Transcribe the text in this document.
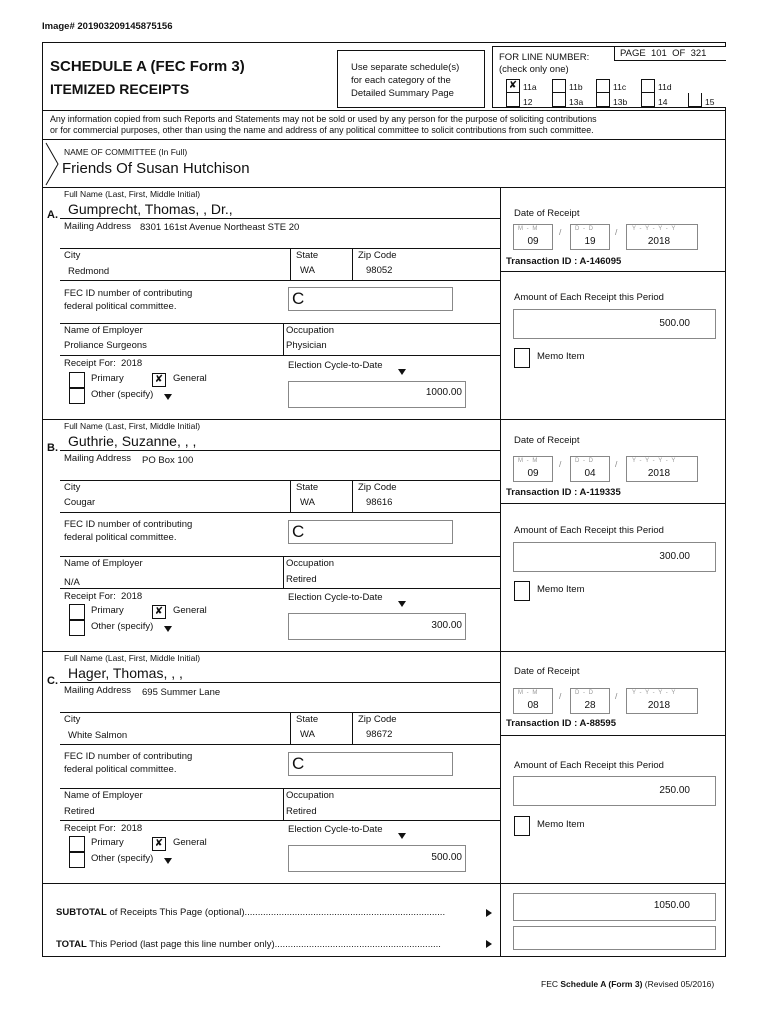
Image# 201903209145875156
SCHEDULE A (FEC Form 3)
ITEMIZED RECEIPTS
Use separate schedule(s)
for each category of the
Detailed Summary Page
FOR LINE NUMBER:
(check only one)
PAGE 101 OF 321
✘ 11a	11b	11c	11d
12	13a	13b	14	15
Any information copied from such Reports and Statements may not be sold or used by any person for the purpose of soliciting contributions
or for commercial purposes, other than using the name and address of any political committee to solicit contributions from such committee.
NAME OF COMMITTEE (In Full)
Friends Of Susan Hutchison
Full Name (Last, First, Middle Initial)
A. Gumprecht, Thomas, , Dr.,
Mailing Address 8301 161st Avenue Northeast STE 20
City
Redmond
State
WA
Zip Code
98052
FEC ID number of contributing
federal political committee.	C
Name of Employer
Proliance Surgeons
Occupation
Physician
Receipt For: 2018
Primary	✘ General
Other (specify)
Election Cycle-to-Date
1000.00
Date of Receipt
M - M
09
/ D - D
19
/ Y - Y - Y - Y
2018
Transaction ID : A-146095
Amount of Each Receipt this Period
500.00
Memo Item
Full Name (Last, First, Middle Initial)
B. Guthrie, Suzanne, , ,
Mailing Address PO Box 100
City
Cougar
State
WA
Zip Code
98616
FEC ID number of contributing
federal political committee.	C
Name of Employer
N/A
Occupation
Retired
Receipt For: 2018
Primary	✘ General
Other (specify)
Election Cycle-to-Date
300.00
Date of Receipt
M - M
09
/ D - D
04
/ Y - Y - Y - Y
2018
Transaction ID : A-119335
Amount of Each Receipt this Period
300.00
Memo Item
Full Name (Last, First, Middle Initial)
C. Hager, Thomas, , ,
Mailing Address 695 Summer Lane
City
White Salmon
State
WA
Zip Code
98672
FEC ID number of contributing
federal political committee.	C
Name of Employer
Retired
Occupation
Retired
Receipt For: 2018
Primary	✘ General
Other (specify)
Election Cycle-to-Date
500.00
Date of Receipt
M - M
08
/ D - D
28
/ Y - Y - Y - Y
2018
Transaction ID : A-88595
Amount of Each Receipt this Period
250.00
Memo Item
SUBTOTAL of Receipts This Page (optional)............................................................................
1050.00
TOTAL This Period (last page this line number only)...............................................................
FEC Schedule A (Form 3) (Revised 05/2016)
